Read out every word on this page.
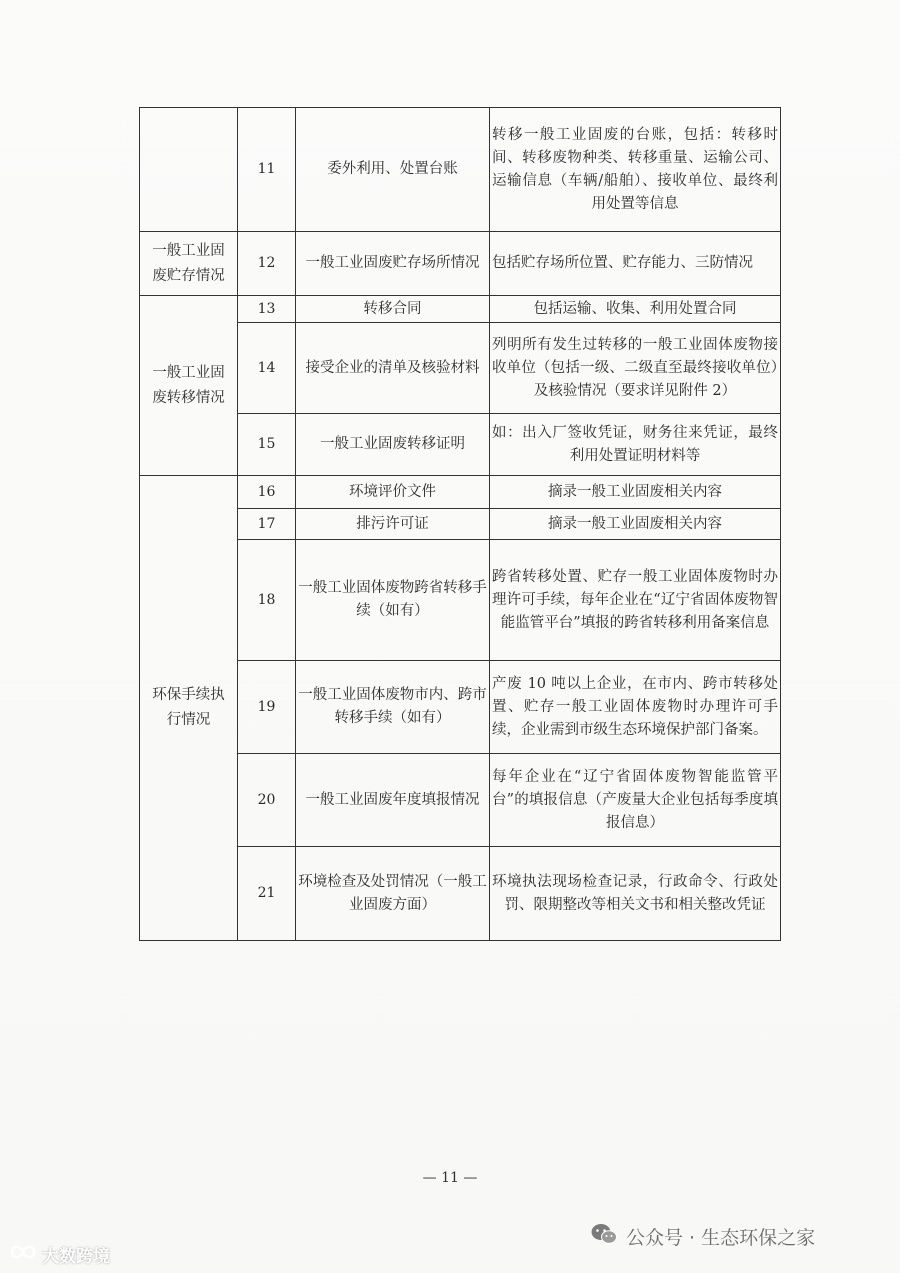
	11	委外利用、处置台账	转移一般工业固废的台账，包括：转移时间、转移废物种类、转移重量、运输公司、运输信息（车辆/船舶）、接收单位、最终利用处置等信息
一般工业固废贮存情况	12	一般工业固废贮存场所情况	包括贮存场所位置、贮存能力、三防情况
一般工业固废转移情况	13	转移合同	包括运输、收集、利用处置合同
	14	接受企业的清单及核验材料	列明所有发生过转移的一般工业固体废物接收单位（包括一级、二级直至最终接收单位）及核验情况（要求详见附件 2）
	15	一般工业固废转移证明	如：出入厂签收凭证，财务往来凭证，最终利用处置证明材料等
环保手续执行情况	16	环境评价文件	摘录一般工业固废相关内容
	17	排污许可证	摘录一般工业固废相关内容
	18	一般工业固体废物跨省转移手续（如有）	跨省转移处置、贮存一般工业固体废物时办理许可手续，每年企业在“辽宁省固体废物智能监管平台”填报的跨省转移利用备案信息
	19	一般工业固体废物市内、跨市转移手续（如有）	产废 10 吨以上企业，在市内、跨市转移处置、贮存一般工业固体废物时办理许可手续，企业需到市级生态环境保护部门备案。
	20	一般工业固废年度填报情况	每年企业在“辽宁省固体废物智能监管平台”的填报信息（产废量大企业包括每季度填报信息）
	21	环境检查及处罚情况（一般工业固废方面）	环境执法现场检查记录，行政命令、行政处罚、限期整改等相关文书和相关整改凭证
— 11 —
大数跨境
公众号 · 生态环保之家
